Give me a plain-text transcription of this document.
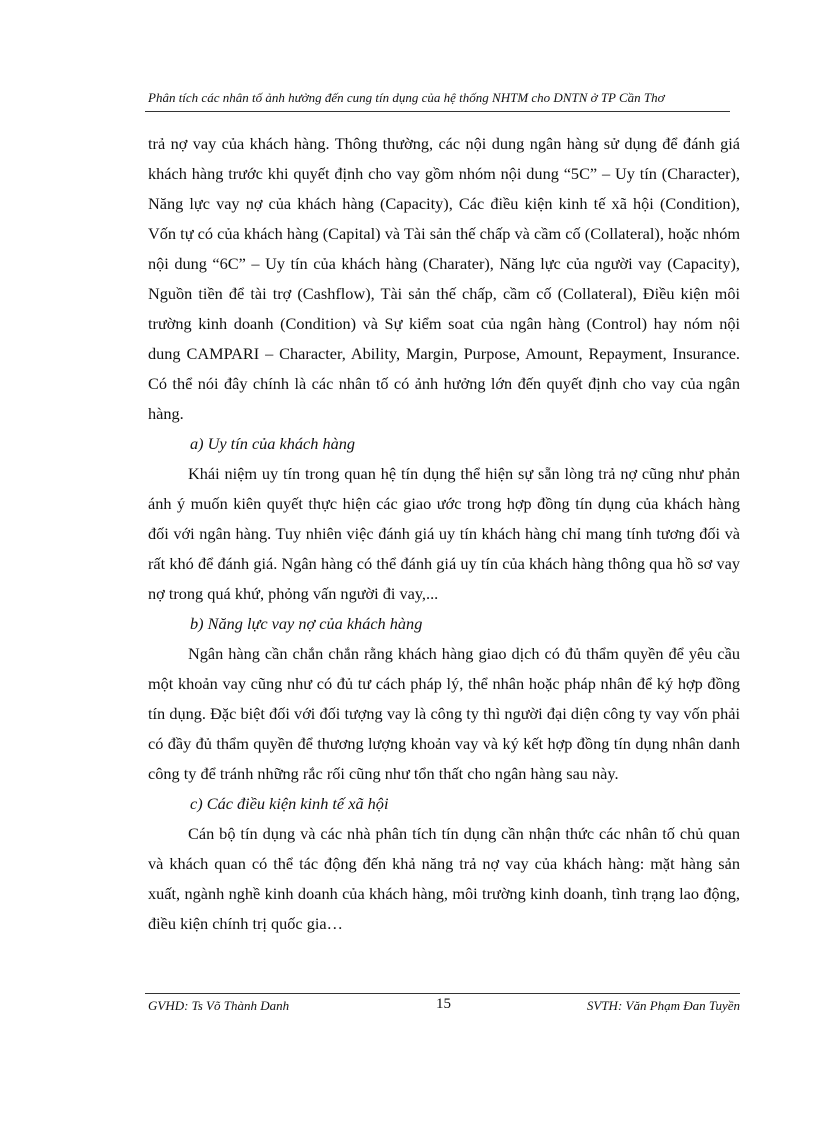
Phân tích các nhân tố ảnh hưởng đến cung tín dụng của hệ thống NHTM cho DNTN ở TP Cần Thơ

trả nợ vay của khách hàng. Thông thường, các nội dung ngân hàng sử dụng để đánh giá khách hàng trước khi quyết định cho vay gồm nhóm nội dung “5C” – Uy tín (Character), Năng lực vay nợ của khách hàng (Capacity), Các điều kiện kinh tế xã hội (Condition), Vốn tự có của khách hàng (Capital) và Tài sản thế chấp và cầm cố (Collateral), hoặc nhóm nội dung “6C” – Uy tín của khách hàng (Charater), Năng lực của người vay (Capacity), Nguồn tiền để tài trợ (Cashflow), Tài sản thế chấp, cầm cố (Collateral), Điều kiện môi trường kinh doanh (Condition) và Sự kiểm soat của ngân hàng (Control) hay nóm nội dung CAMPARI – Character, Ability, Margin, Purpose, Amount, Repayment, Insurance. Có thể nói đây chính là các nhân tố có ảnh hưởng lớn đến quyết định cho vay của ngân hàng.

a) Uy tín của khách hàng

Khái niệm uy tín trong quan hệ tín dụng thể hiện sự sẵn lòng trả nợ cũng như phản ánh ý muốn kiên quyết thực hiện các giao ước trong hợp đồng tín dụng của khách hàng đối với ngân hàng. Tuy nhiên việc đánh giá uy tín khách hàng chỉ mang tính tương đối và rất khó để đánh giá. Ngân hàng có thể đánh giá uy tín của khách hàng thông qua hồ sơ vay nợ trong quá khứ, phỏng vấn người đi vay,...

b) Năng lực vay nợ của khách hàng

Ngân hàng cần chắn chắn rằng khách hàng giao dịch có đủ thẩm quyền để yêu cầu một khoản vay cũng như có đủ tư cách pháp lý, thể nhân hoặc pháp nhân để ký hợp đồng tín dụng. Đặc biệt đối với đối tượng vay là công ty thì người đại diện công ty vay vốn phải có đầy đủ thẩm quyền để thương lượng khoản vay và ký kết hợp đồng tín dụng nhân danh công ty để tránh những rắc rối cũng như tổn thất cho ngân hàng sau này.

c) Các điều kiện kinh tế xã hội

Cán bộ tín dụng và các nhà phân tích tín dụng cần nhận thức các nhân tố chủ quan và khách quan có thể tác động đến khả năng trả nợ vay của khách hàng: mặt hàng sản xuất, ngành nghề kinh doanh của khách hàng, môi trường kinh doanh, tình trạng lao động, điều kiện chính trị quốc gia…

GVHD: Ts Võ Thành Danh	15	SVTH: Văn Phạm Đan Tuyền
